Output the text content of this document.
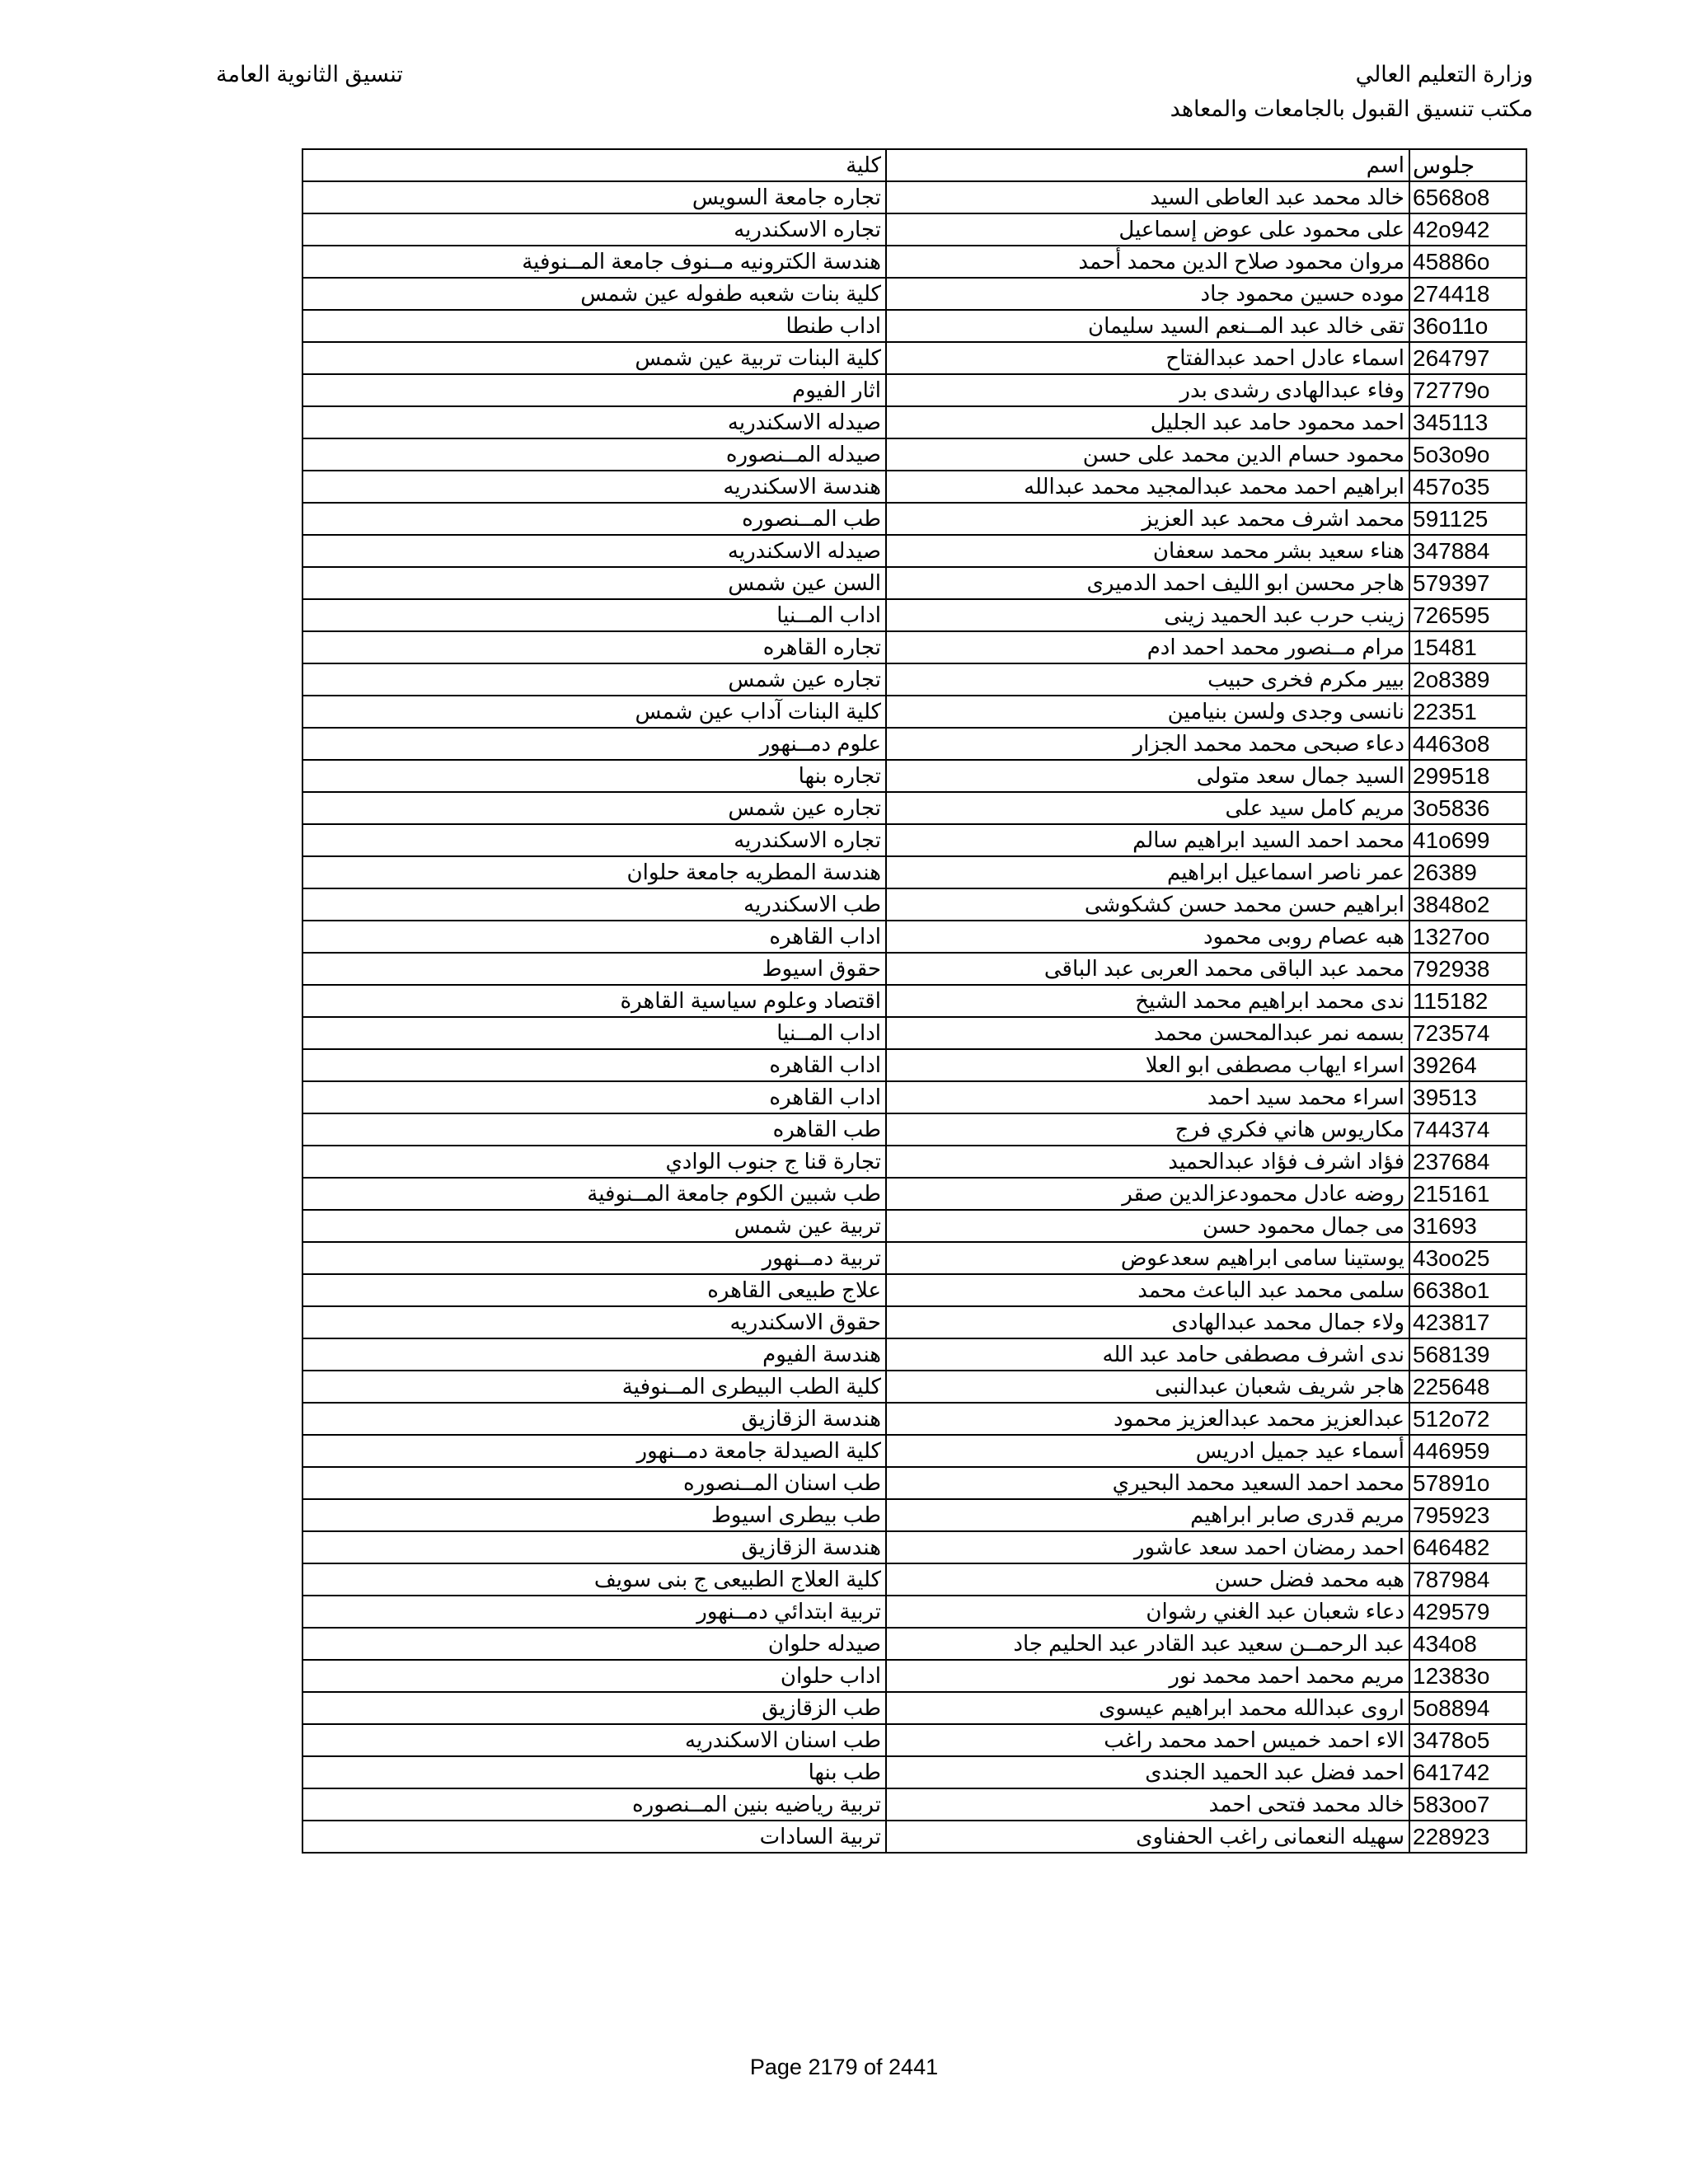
وزارة التعليم العالي
مكتب تنسيق القبول بالجامعات والمعاهد
تنسيق الثانوية العامة
جلوس	اسم	كلية
6568o8	خالد محمد عبد العاطى السيد	تجاره جامعة السويس
42o942	على محمود على عوض إسماعيل	تجاره الاسكندريه
45886o	مروان محمود صلاح الدين محمد أحمد	هندسة الكترونيه مــنوف جامعة المــنوفية
274418	موده حسين محمود جاد	كلية بنات شعبه طفوله عين شمس
36o11o	تقى خالد عبد المــنعم السيد سليمان	اداب طنطا
264797	اسماء عادل احمد عبدالفتاح	كلية البنات تربية عين شمس
72779o	وفاء عبدالهادى رشدى بدر	اثار الفيوم
345113	احمد محمود حامد عبد الجليل	صيدله الاسكندريه
5o3o9o	محمود حسام الدين محمد على حسن	صيدله المــنصوره
457o35	ابراهيم احمد محمد عبدالمجيد محمد عبدالله	هندسة الاسكندريه
591125	محمد اشرف محمد عبد العزيز	طب المــنصوره
347884	هناء سعيد بشر محمد سعفان	صيدله الاسكندريه
579397	هاجر محسن ابو الليف احمد الدميرى	السن عين شمس
726595	زينب حرب عبد الحميد زينى	اداب المــنيا
15481	مرام مــنصور محمد احمد ادم	تجاره القاهره
2o8389	بيير مكرم فخرى حبيب	تجاره عين شمس
22351	نانسى وجدى ولسن بنيامين	كلية البنات آداب عين شمس
4463o8	دعاء صبحى محمد محمد الجزار	علوم دمــنهور
299518	السيد جمال سعد متولى	تجاره بنها
3o5836	مريم كامل سيد على	تجاره عين شمس
41o699	محمد احمد السيد ابراهيم سالم	تجاره الاسكندريه
26389	عمر ناصر اسماعيل ابراهيم	هندسة المطريه جامعة حلوان
3848o2	ابراهيم حسن محمد حسن كشكوشى	طب الاسكندريه
1327oo	هبه عصام روبى محمود	اداب القاهره
792938	محمد عبد الباقى محمد العربى عبد الباقى	حقوق اسيوط
115182	ندى محمد ابراهيم محمد الشيخ	اقتصاد وعلوم سياسية القاهرة
723574	بسمه نمر عبدالمحسن محمد	اداب المــنيا
39264	اسراء ايهاب مصطفى ابو العلا	اداب القاهره
39513	اسراء محمد سيد احمد	اداب القاهره
744374	مكاريوس هاني فكري فرج	طب القاهره
237684	فؤاد اشرف فؤاد عبدالحميد	تجارة قنا ج جنوب الوادي
215161	روضه عادل محمودعزالدين صقر	طب شبين الكوم جامعة المــنوفية
31693	مى جمال محمود حسن	تربية عين شمس
43oo25	يوستينا سامى ابراهيم سعدعوض	تربية دمــنهور
6638o1	سلمى محمد عبد الباعث محمد	علاج طبيعى القاهره
423817	ولاء جمال محمد عبدالهادى	حقوق الاسكندريه
568139	ندى اشرف مصطفى حامد عبد الله	هندسة الفيوم
225648	هاجر شريف شعبان عبدالنبى	كلية الطب البيطرى المــنوفية
512o72	عبدالعزيز محمد عبدالعزيز محمود	هندسة الزقازيق
446959	أسماء عيد جميل ادريس	كلية الصيدلة جامعة دمــنهور
57891o	محمد احمد السعيد محمد البحيري	طب اسنان المــنصوره
795923	مريم قدرى صابر ابراهيم	طب بيطرى اسيوط
646482	احمد رمضان احمد سعد عاشور	هندسة الزقازيق
787984	هبه محمد فضل حسن	كلية العلاج الطبيعى ج بنى سويف
429579	دعاء شعبان عبد الغني رشوان	تربية ابتدائي دمــنهور
434o8	عبد الرحمــن سعيد عبد القادر عبد الحليم جاد	صيدله حلوان
12383o	مريم محمد احمد محمد نور	اداب حلوان
5o8894	اروى عبدالله محمد ابراهيم عيسوى	طب الزقازيق
3478o5	الاء احمد خميس احمد محمد راغب	طب اسنان الاسكندريه
641742	احمد فضل عبد الحميد الجندى	طب بنها
583oo7	خالد محمد فتحى احمد	تربية رياضيه بنين المــنصوره
228923	سهيله النعمانى راغب الحفناوى	تربية السادات
Page 2179 of 2441
